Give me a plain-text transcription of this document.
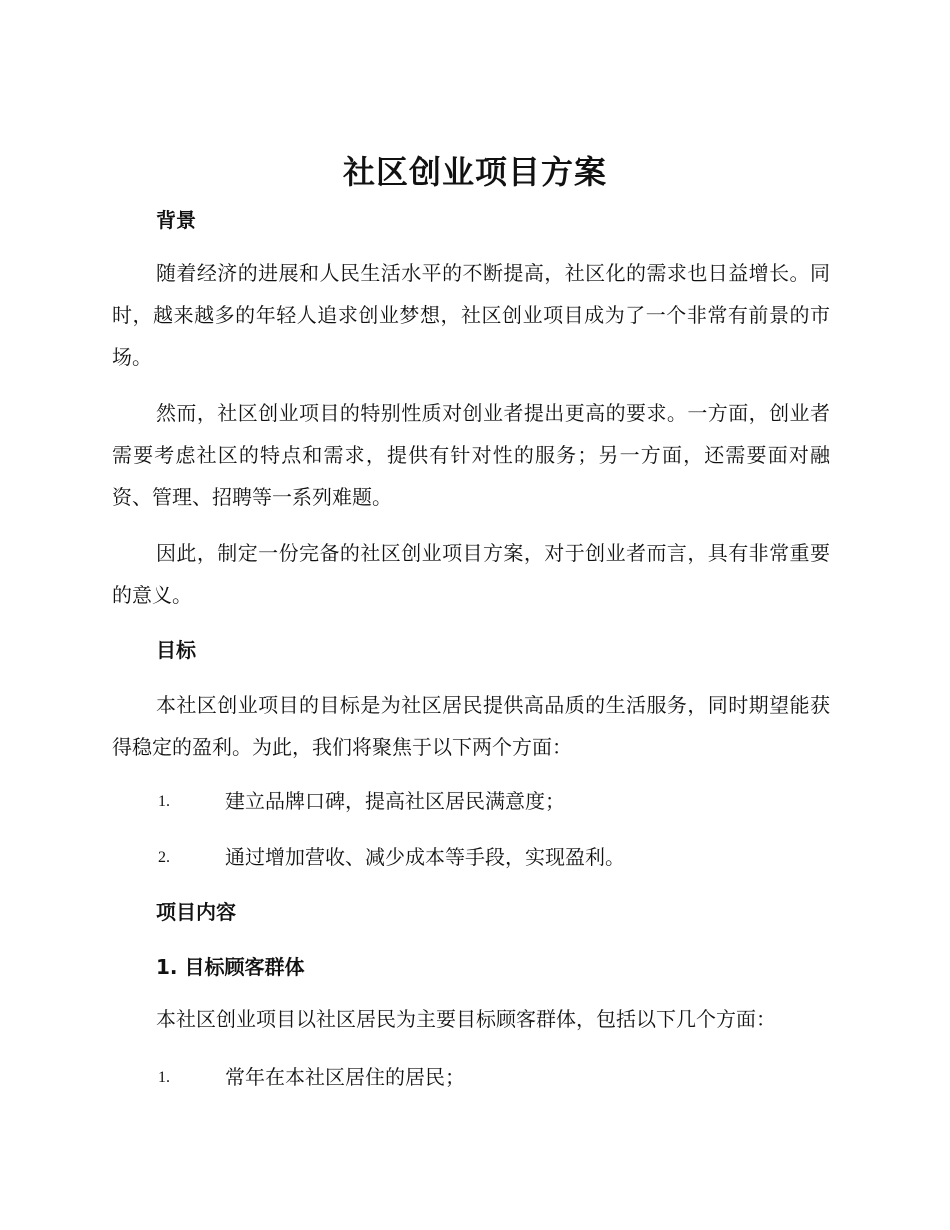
社区创业项目方案
背景
随着经济的进展和人民生活水平的不断提高，社区化的需求也日益增长。同时，越来越多的年轻人追求创业梦想，社区创业项目成为了一个非常有前景的市场。
然而，社区创业项目的特别性质对创业者提出更高的要求。一方面，创业者需要考虑社区的特点和需求，提供有针对性的服务；另一方面，还需要面对融资、管理、招聘等一系列难题。
因此，制定一份完备的社区创业项目方案，对于创业者而言，具有非常重要的意义。
目标
本社区创业项目的目标是为社区居民提供高品质的生活服务，同时期望能获得稳定的盈利。为此，我们将聚焦于以下两个方面：
1.	建立品牌口碑，提高社区居民满意度；
2.	通过增加营收、减少成本等手段，实现盈利。
项目内容
1. 目标顾客群体
本社区创业项目以社区居民为主要目标顾客群体，包括以下几个方面：
1.	常年在本社区居住的居民；
